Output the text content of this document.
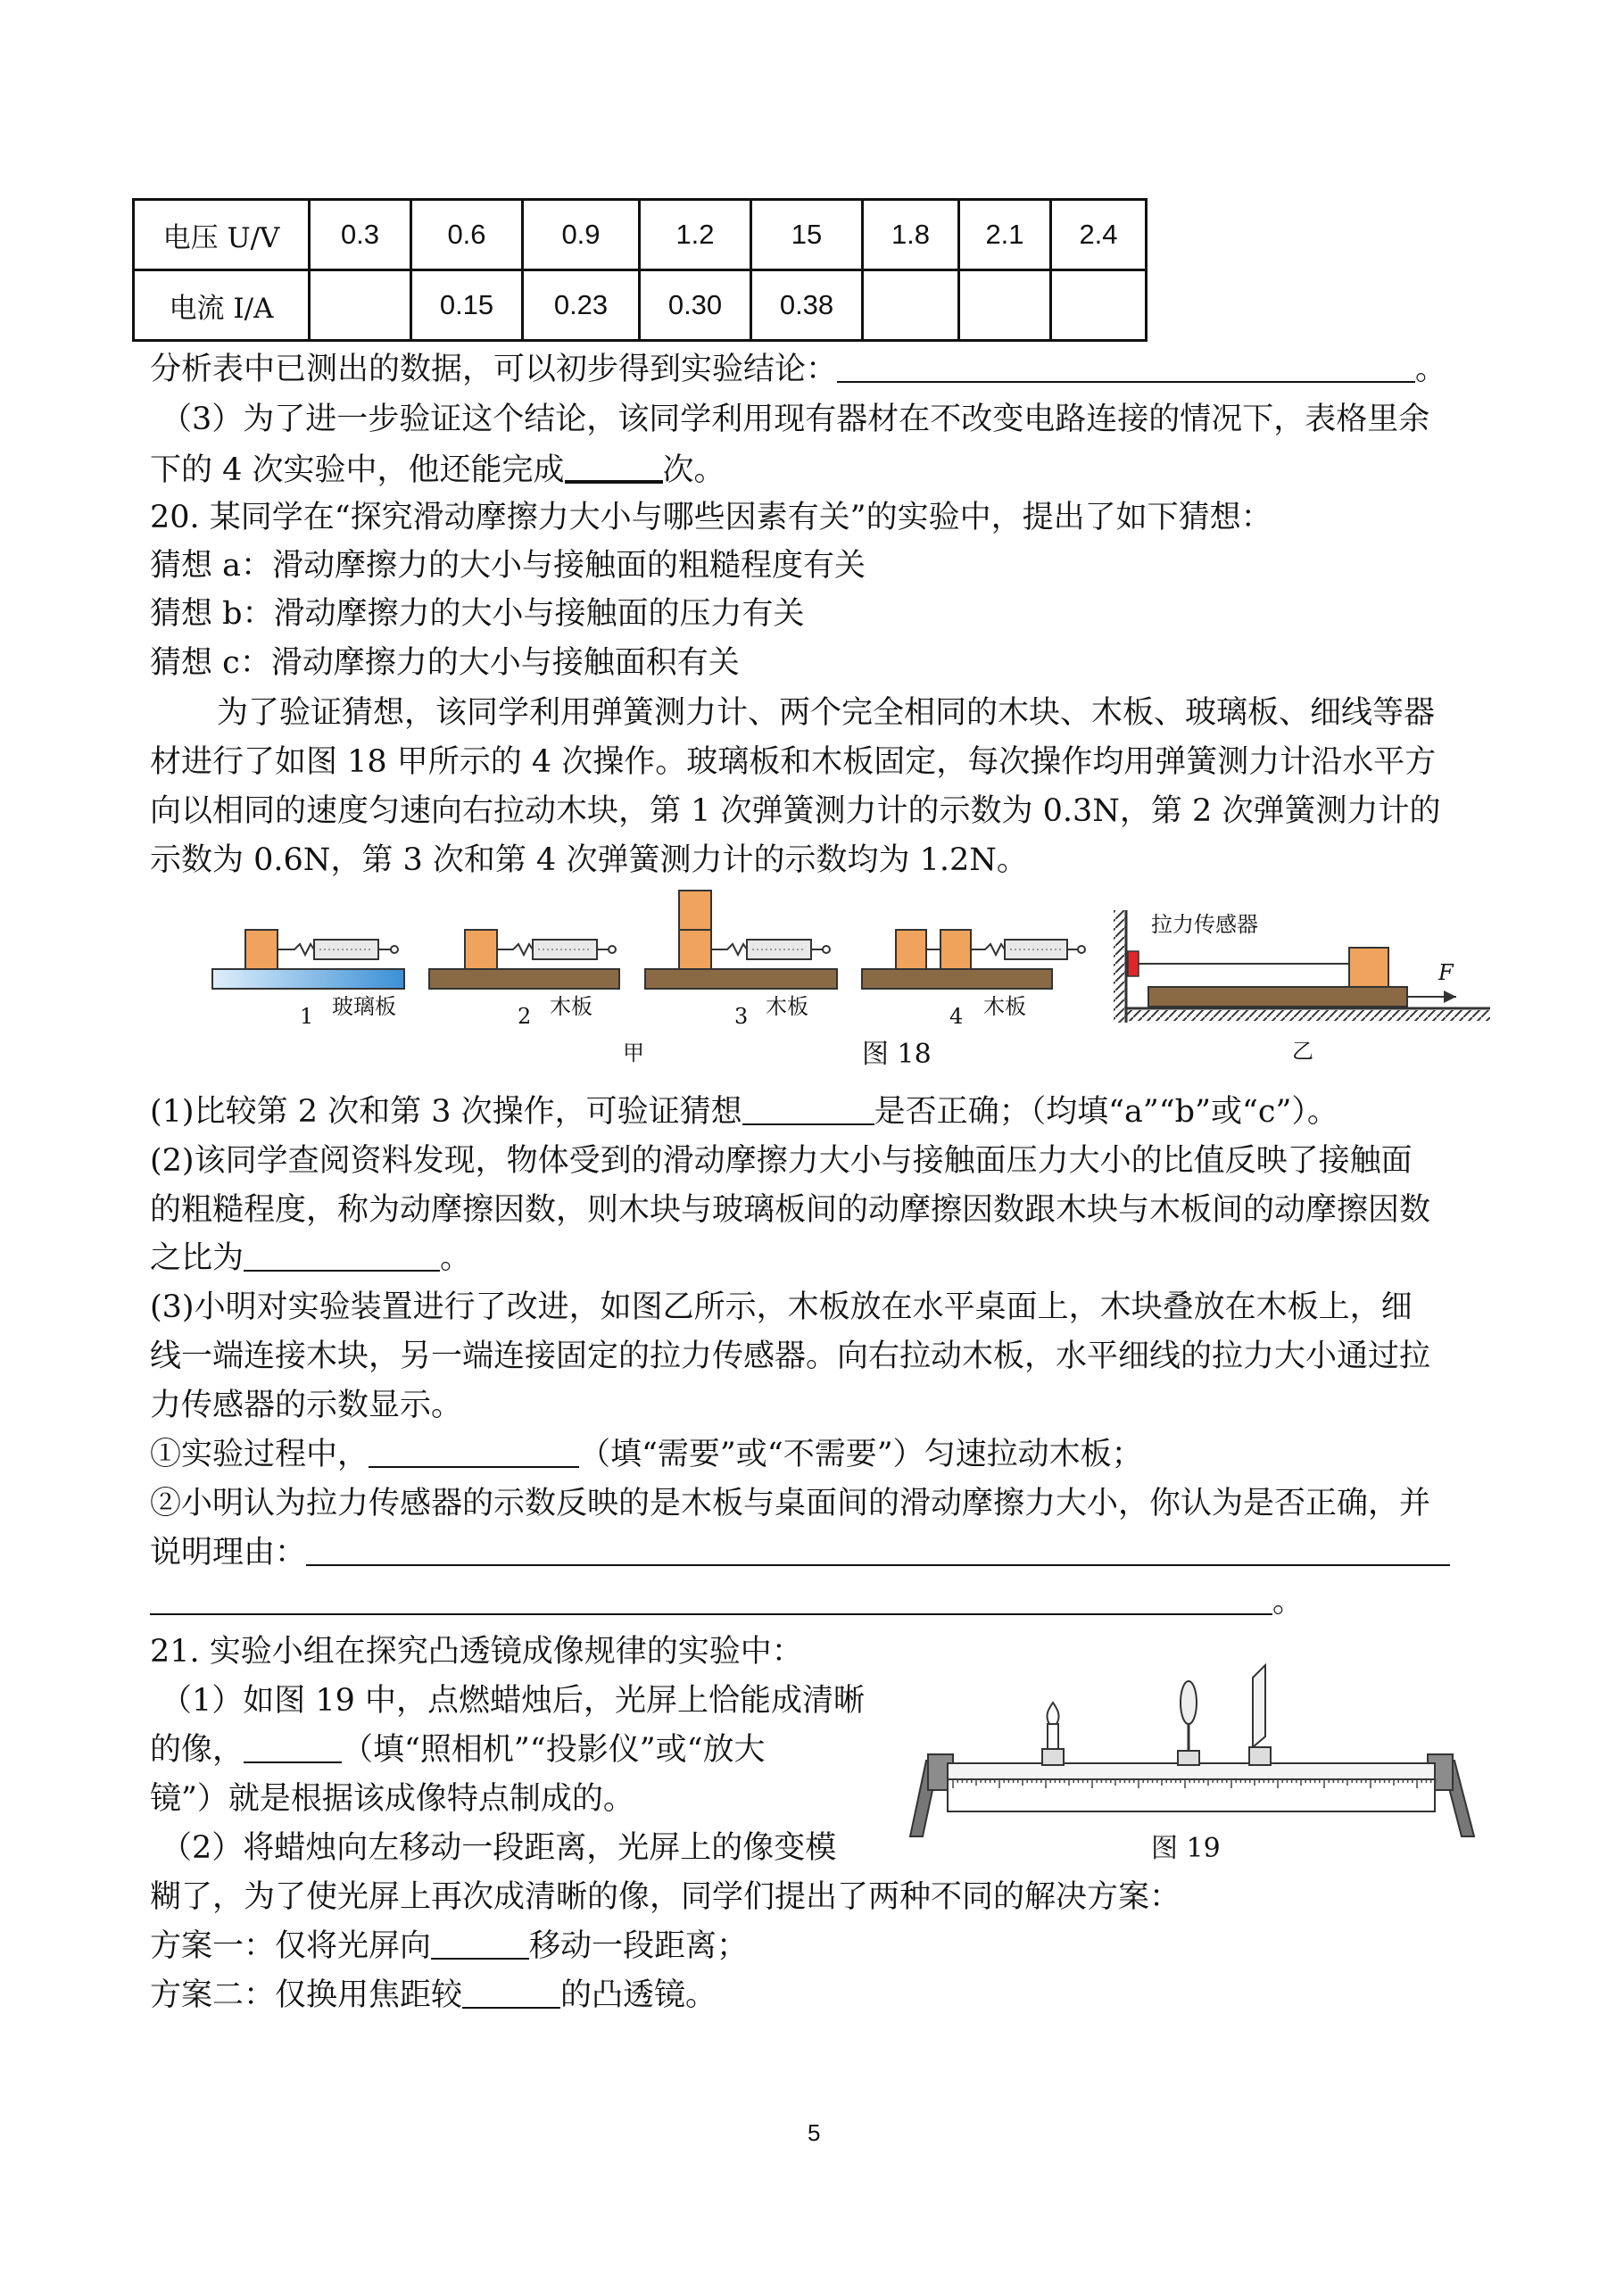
电压 U/V	0.3	0.6	0.9	1.2	15	1.8	2.1	2.4
电流 I/A		0.15	0.23	0.30	0.38			
分析表中已测出的数据，可以初步得到实验结论：	。
（3）为了进一步验证这个结论，该同学利用现有器材在不改变电路连接的情况下，表格里余
下的 4 次实验中，他还能完成	次。
20. 某同学在“探究滑动摩擦力大小与哪些因素有关”的实验中，提出了如下猜想：
猜想 a：滑动摩擦力的大小与接触面的粗糙程度有关
猜想 b：滑动摩擦力的大小与接触面的压力有关
猜想 c：滑动摩擦力的大小与接触面积有关
为了验证猜想，该同学利用弹簧测力计、两个完全相同的木块、木板、玻璃板、细线等器
材进行了如图 18 甲所示的 4 次操作。玻璃板和木板固定，每次操作均用弹簧测力计沿水平方
向以相同的速度匀速向右拉动木块，第 1 次弹簧测力计的示数为 0.3N，第 2 次弹簧测力计的
示数为 0.6N，第 3 次和第 4 次弹簧测力计的示数均为 1.2N。
1 玻璃板	2 木板	3 木板	4 木板
甲	图 18	乙
拉力传感器
F
(1)比较第 2 次和第 3 次操作，可验证猜想	是否正确；（均填“a”“b”或“c”）。
(2)该同学查阅资料发现，物体受到的滑动摩擦力大小与接触面压力大小的比值反映了接触面
的粗糙程度，称为动摩擦因数，则木块与玻璃板间的动摩擦因数跟木块与木板间的动摩擦因数
之比为	。
(3)小明对实验装置进行了改进，如图乙所示，木板放在水平桌面上，木块叠放在木板上，细
线一端连接木块，另一端连接固定的拉力传感器。向右拉动木板，水平细线的拉力大小通过拉
力传感器的示数显示。
①实验过程中，	（填“需要”或“不需要”）匀速拉动木板；
②小明认为拉力传感器的示数反映的是木板与桌面间的滑动摩擦力大小，你认为是否正确，并
说明理由：
。
21. 实验小组在探究凸透镜成像规律的实验中：
（1）如图 19 中，点燃蜡烛后，光屏上恰能成清晰
的像，	（填“照相机”“投影仪”或“放大
镜”）就是根据该成像特点制成的。
（2）将蜡烛向左移动一段距离，光屏上的像变模
糊了，为了使光屏上再次成清晰的像，同学们提出了两种不同的解决方案：
方案一：仅将光屏向	移动一段距离；
方案二：仅换用焦距较	的凸透镜。
图 19
5
